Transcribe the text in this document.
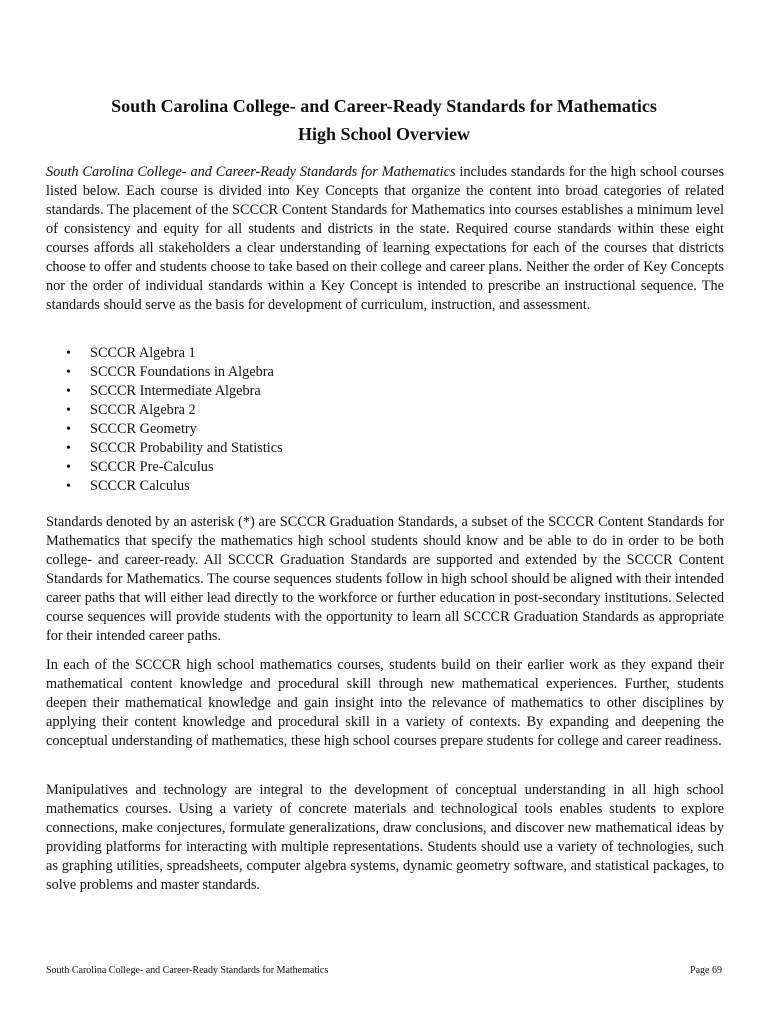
South Carolina College- and Career-Ready Standards for Mathematics
High School Overview

South Carolina College- and Career-Ready Standards for Mathematics includes standards for the high school courses listed below. Each course is divided into Key Concepts that organize the content into broad categories of related standards. The placement of the SCCCR Content Standards for Mathematics into courses establishes a minimum level of consistency and equity for all students and districts in the state. Required course standards within these eight courses affords all stakeholders a clear understanding of learning expectations for each of the courses that districts choose to offer and students choose to take based on their college and career plans. Neither the order of Key Concepts nor the order of individual standards within a Key Concept is intended to prescribe an instructional sequence. The standards should serve as the basis for development of curriculum, instruction, and assessment.

• SCCCR Algebra 1
• SCCCR Foundations in Algebra
• SCCCR Intermediate Algebra
• SCCCR Algebra 2
• SCCCR Geometry
• SCCCR Probability and Statistics
• SCCCR Pre-Calculus
• SCCCR Calculus

Standards denoted by an asterisk (*) are SCCCR Graduation Standards, a subset of the SCCCR Content Standards for Mathematics that specify the mathematics high school students should know and be able to do in order to be both college- and career-ready. All SCCCR Graduation Standards are supported and extended by the SCCCR Content Standards for Mathematics. The course sequences students follow in high school should be aligned with their intended career paths that will either lead directly to the workforce or further education in post-secondary institutions. Selected course sequences will provide students with the opportunity to learn all SCCCR Graduation Standards as appropriate for their intended career paths.

In each of the SCCCR high school mathematics courses, students build on their earlier work as they expand their mathematical content knowledge and procedural skill through new mathematical experiences. Further, students deepen their mathematical knowledge and gain insight into the relevance of mathematics to other disciplines by applying their content knowledge and procedural skill in a variety of contexts. By expanding and deepening the conceptual understanding of mathematics, these high school courses prepare students for college and career readiness.

Manipulatives and technology are integral to the development of conceptual understanding in all high school mathematics courses. Using a variety of concrete materials and technological tools enables students to explore connections, make conjectures, formulate generalizations, draw conclusions, and discover new mathematical ideas by providing platforms for interacting with multiple representations. Students should use a variety of technologies, such as graphing utilities, spreadsheets, computer algebra systems, dynamic geometry software, and statistical packages, to solve problems and master standards.

South Carolina College- and Career-Ready Standards for Mathematics	Page 69
